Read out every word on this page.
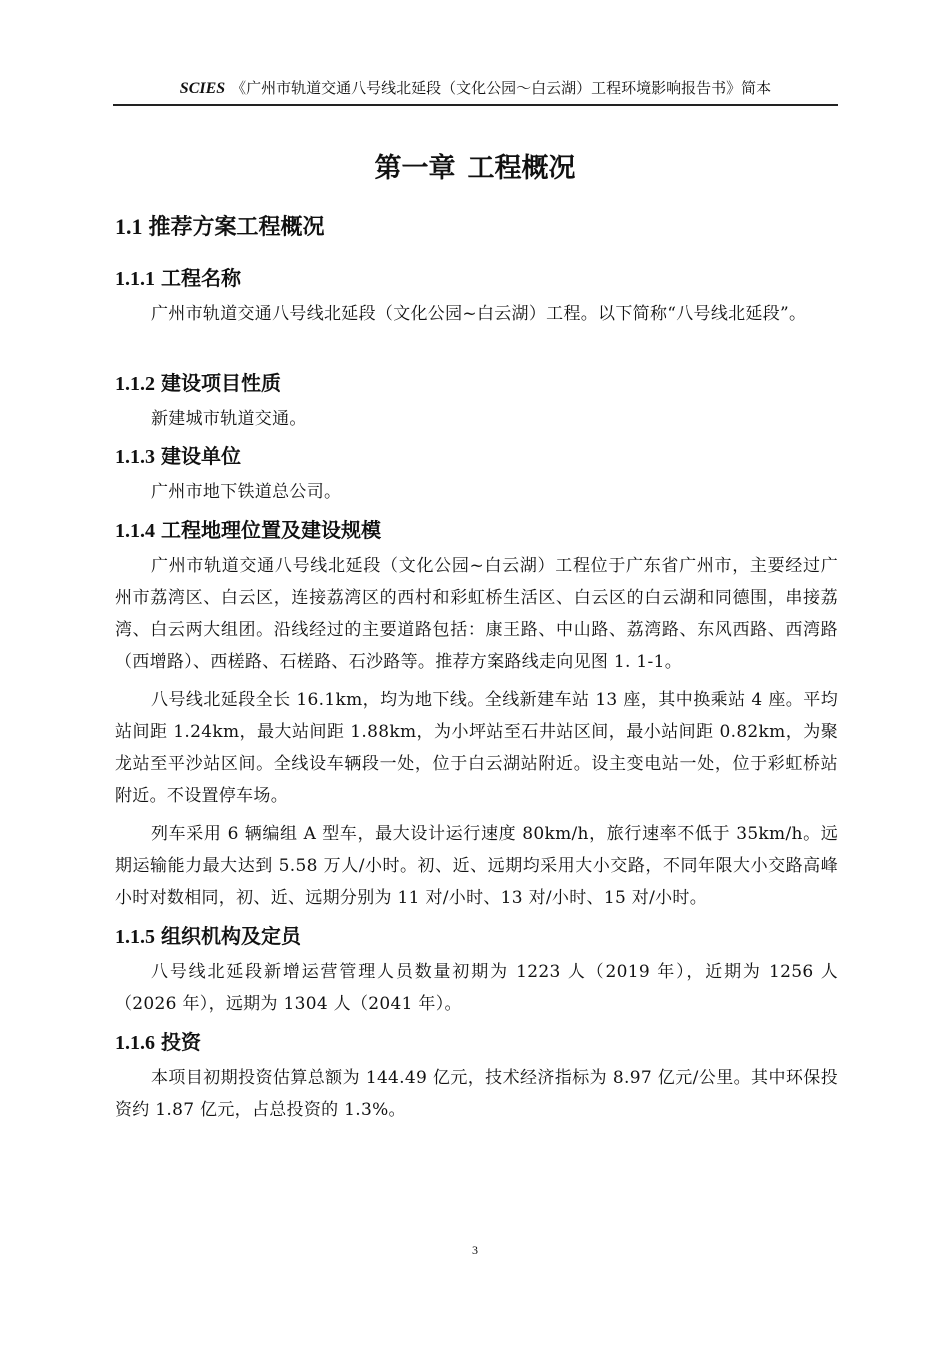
SCIES 《广州市轨道交通八号线北延段（文化公园～白云湖）工程环境影响报告书》简本
第一章 工程概况
1.1 推荐方案工程概况
1.1.1 工程名称
广州市轨道交通八号线北延段（文化公园~白云湖）工程。以下简称“八号线北延段”。
1.1.2 建设项目性质
新建城市轨道交通。
1.1.3 建设单位
广州市地下铁道总公司。
1.1.4 工程地理位置及建设规模
广州市轨道交通八号线北延段（文化公园~白云湖）工程位于广东省广州市，主要经过广州市荔湾区、白云区，连接荔湾区的西村和彩虹桥生活区、白云区的白云湖和同德围，串接荔湾、白云两大组团。沿线经过的主要道路包括：康王路、中山路、荔湾路、东风西路、西湾路（西增路）、西槎路、石槎路、石沙路等。推荐方案路线走向见图 1. 1-1。
八号线北延段全长 16.1km，均为地下线。全线新建车站 13 座，其中换乘站 4 座。平均站间距 1.24km，最大站间距 1.88km，为小坪站至石井站区间，最小站间距 0.82km，为聚龙站至平沙站区间。全线设车辆段一处，位于白云湖站附近。设主变电站一处，位于彩虹桥站附近。不设置停车场。
列车采用 6 辆编组 A 型车，最大设计运行速度 80km/h，旅行速率不低于 35km/h。远期运输能力最大达到 5.58 万人/小时。初、近、远期均采用大小交路，不同年限大小交路高峰小时对数相同，初、近、远期分别为 11 对/小时、13 对/小时、15 对/小时。
1.1.5 组织机构及定员
八号线北延段新增运营管理人员数量初期为 1223 人（2019 年），近期为 1256 人（2026 年），远期为 1304 人（2041 年）。
1.1.6 投资
本项目初期投资估算总额为 144.49 亿元，技术经济指标为 8.97 亿元/公里。其中环保投资约 1.87 亿元，占总投资的 1.3%。
3
